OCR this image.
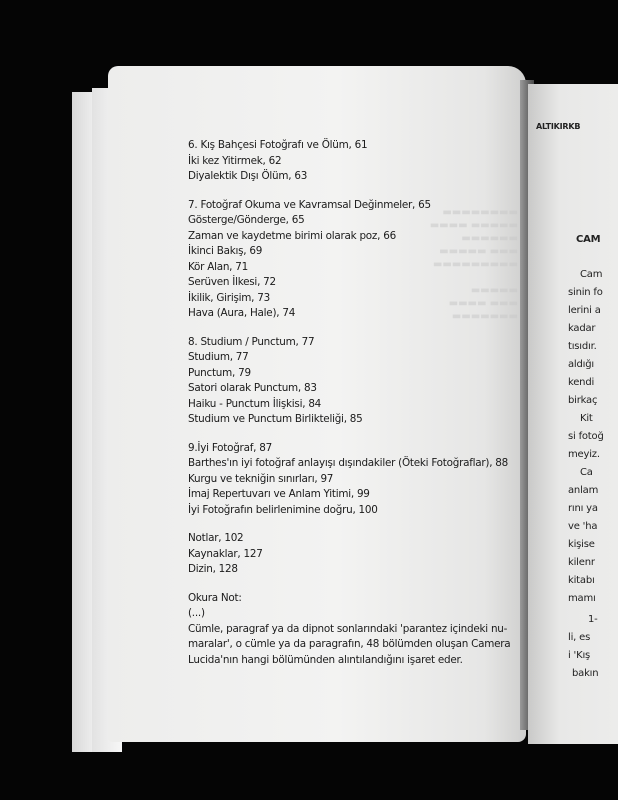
▬▬▬▬▬▬▬▬
▬▬▬▬▬ ▬▬▬▬
▬▬▬▬▬▬
▬▬▬ ▬▬▬▬▬
▬▬▬▬▬▬▬▬▬

▬▬▬▬▬
▬▬▬ ▬▬▬▬
▬▬▬▬▬▬▬
6. Kış Bahçesi Fotoğrafı ve Ölüm, 61
İki kez Yitirmek, 62
Diyalektik Dışı Ölüm, 63
7. Fotoğraf Okuma ve Kavramsal Değinmeler, 65
Gösterge/Gönderge, 65
Zaman ve kaydetme birimi olarak poz, 66
İkinci Bakış, 69
Kör Alan, 71
Serüven İlkesi, 72
İkilik, Girişim, 73
Hava (Aura, Hale), 74
8. Studium / Punctum, 77
Studium, 77
Punctum, 79
Satori olarak Punctum, 83
Haiku - Punctum İlişkisi, 84
Studium ve Punctum Birlikteliği, 85
9.İyi Fotoğraf, 87
Barthes'ın iyi fotoğraf anlayışı dışındakiler (Öteki Fotoğraflar), 88
Kurgu ve tekniğin sınırları, 97
İmaj Repertuvarı ve Anlam Yitimi, 99
İyi Fotoğrafın belirlenimine doğru, 100
Notlar, 102
Kaynaklar, 127
Dizin, 128
Okura Not:
(...)
Cümle, paragraf ya da dipnot sonlarındaki 'parantez içindeki nu-
maralar', o cümle ya da paragrafın, 48 bölümden oluşan Camera
Lucida'nın hangi bölümünden alıntılandığını işaret eder.
ALTIKIRKB
CAM
Cam
sinin fo
lerini a
kadar
tısıdır.
aldığı
kendi
birkaç
Kit
si fotoğ
meyiz.
Ca
anlam
rını ya
ve 'ha
kişise
kilenr
kitabı
mamı
1-
li, es
i 'Kış
bakın
